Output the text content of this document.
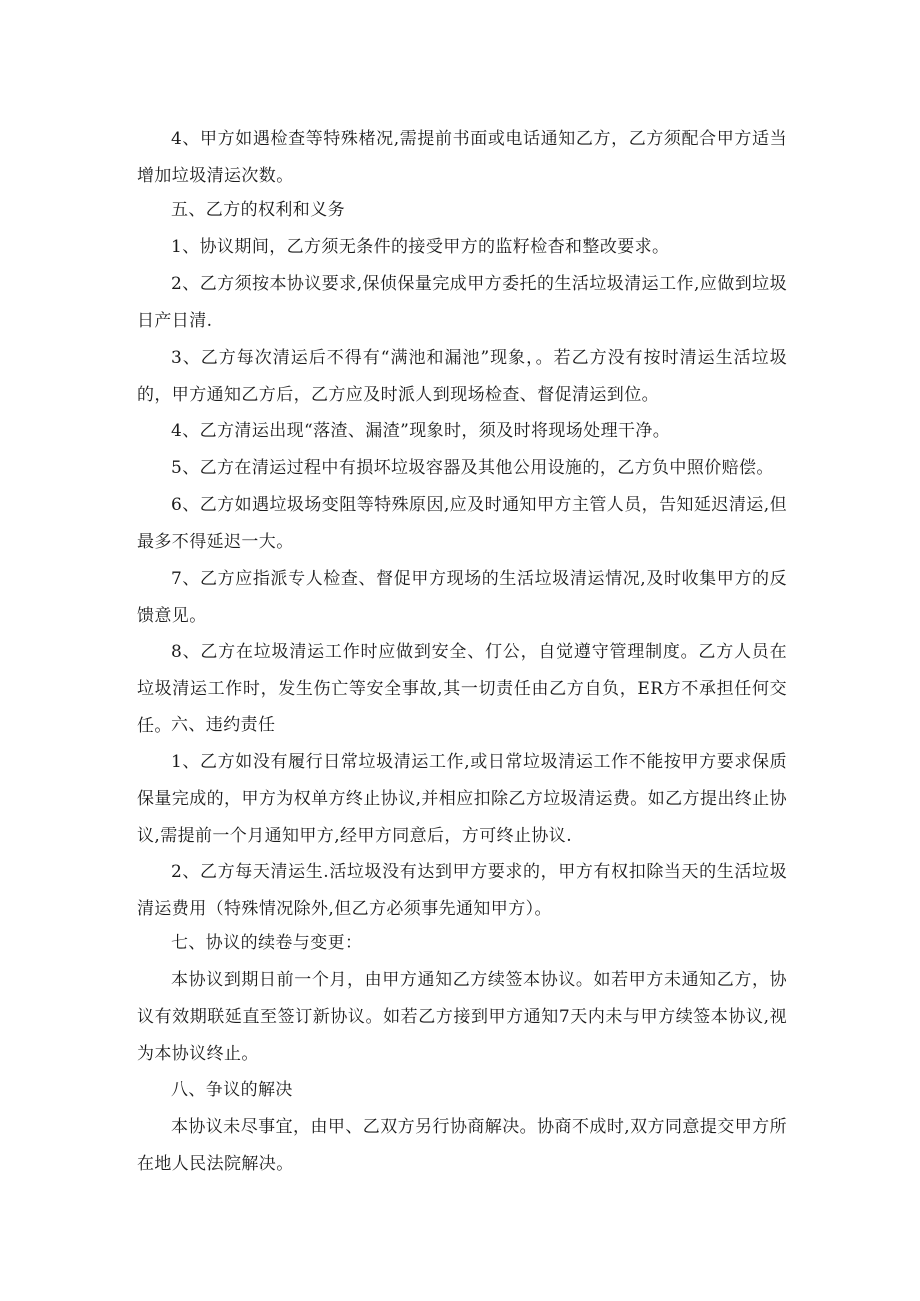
4、甲方如遇检查等特殊楮况,需提前书面或电话通知乙方，乙方须配合甲方适当增加垃圾清运次数。

五、乙方的权利和义务

1、协议期间，乙方须无条件的接受甲方的监籽检杳和整改要求。

2、乙方须按本协议要求,保侦保量完成甲方委托的生活垃圾清运工作,应做到垃圾日产日清.

3、乙方每次清运后不得有“满池和漏池”现象，。若乙方没有按时清运生活垃圾的，甲方通知乙方后，乙方应及时派人到现场检查、督促清运到位。

4、乙方清运出现“落渣、漏渣”现象时，须及时将现场处理干净。

5、乙方在清运过程中有损坏垃圾容器及其他公用设施的，乙方负中照价赔偿。

6、乙方如遇垃圾场变阻等特殊原因,应及时通知甲方主管人员，告知延迟清运,但最多不得延迟一大。

7、乙方应指派专人检查、督促甲方现场的生活垃圾清运情况,及时收集甲方的反馈意见。

8、乙方在垃圾清运工作时应做到安全、仃公，自觉遵守管理制度。乙方人员在垃圾清运工作时，发生伤亡等安全事故,其一切责任由乙方自负，ER方不承担任何交任。 六、违约责任

1、乙方如没有履行日常垃圾清运工作,或日常垃圾清运工作不能按甲方要求保质保量完成的，甲方为权单方终止协议,并相应扣除乙方垃圾清运费。如乙方提出终止协议,需提前一个月通知甲方,经甲方同意后，方可终止协议.

2、乙方每天清运生.活垃圾没有达到甲方要求的，甲方有权扣除当天的生活垃圾清运费用（特殊情况除外,但乙方必须事先通知甲方）。

七、协议的续卷与变更：

本协议到期日前一个月，由甲方通知乙方续签本协议。如若甲方未通知乙方，协议有效期联延直至签订新协议。如若乙方接到甲方通知7天内未与甲方续签本协议,视为本协议终止。

八、争议的解决

本协议未尽事宜，由甲、乙双方另行协商解决。协商不成时,双方同意提交甲方所在地人民法院解决。
